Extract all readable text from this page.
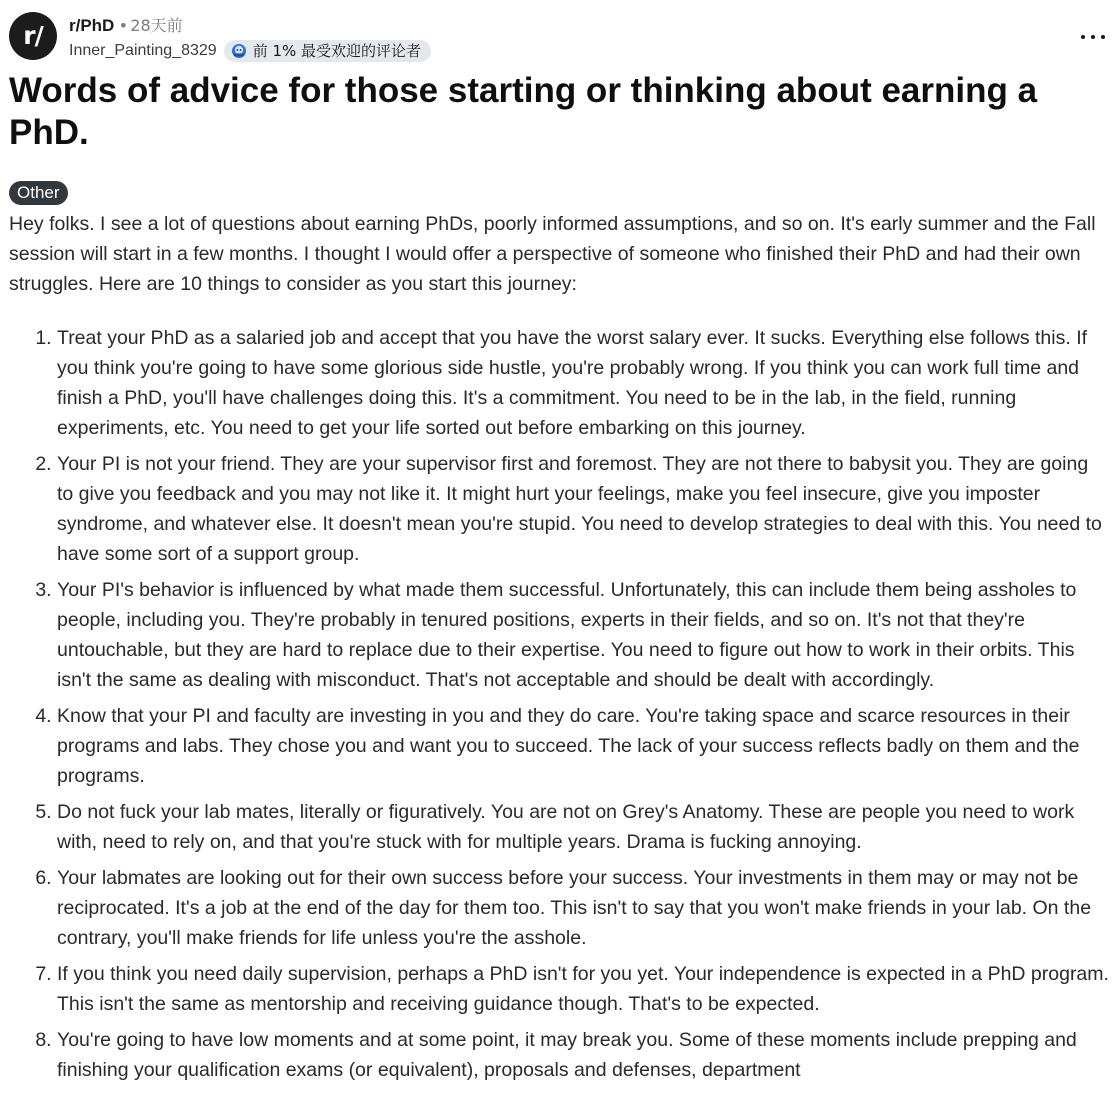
r/	r/PhD • 28天前
Inner_Painting_8329 前 1% 最受欢迎的评论者
Words of advice for those starting or thinking about earning a PhD.
Other

Hey folks. I see a lot of questions about earning PhDs, poorly informed assumptions, and so on. It's early summer and the Fall session will start in a few months. I thought I would offer a perspective of someone who finished their PhD and had their own struggles. Here are 10 things to consider as you start this journey:

1. Treat your PhD as a salaried job and accept that you have the worst salary ever. It sucks. Everything else follows this. If you think you're going to have some glorious side hustle, you're probably wrong. If you think you can work full time and finish a PhD, you'll have challenges doing this. It's a commitment. You need to be in the lab, in the field, running experiments, etc. You need to get your life sorted out before embarking on this journey.
2. Your PI is not your friend. They are your supervisor first and foremost. They are not there to babysit you. They are going to give you feedback and you may not like it. It might hurt your feelings, make you feel insecure, give you imposter syndrome, and whatever else. It doesn't mean you're stupid. You need to develop strategies to deal with this. You need to have some sort of a support group.
3. Your PI's behavior is influenced by what made them successful. Unfortunately, this can include them being assholes to people, including you. They're probably in tenured positions, experts in their fields, and so on. It's not that they're untouchable, but they are hard to replace due to their expertise. You need to figure out how to work in their orbits. This isn't the same as dealing with misconduct. That's not acceptable and should be dealt with accordingly.
4. Know that your PI and faculty are investing in you and they do care. You're taking space and scarce resources in their programs and labs. They chose you and want you to succeed. The lack of your success reflects badly on them and the programs.
5. Do not fuck your lab mates, literally or figuratively. You are not on Grey's Anatomy. These are people you need to work with, need to rely on, and that you're stuck with for multiple years. Drama is fucking annoying.
6. Your labmates are looking out for their own success before your success. Your investments in them may or may not be reciprocated. It's a job at the end of the day for them too. This isn't to say that you won't make friends in your lab. On the contrary, you'll make friends for life unless you're the asshole.
7. If you think you need daily supervision, perhaps a PhD isn't for you yet. Your independence is expected in a PhD program. This isn't the same as mentorship and receiving guidance though. That's to be expected.
8. You're going to have low moments and at some point, it may break you. Some of these moments include prepping and finishing your qualification exams (or equivalent), proposals and defenses, department
